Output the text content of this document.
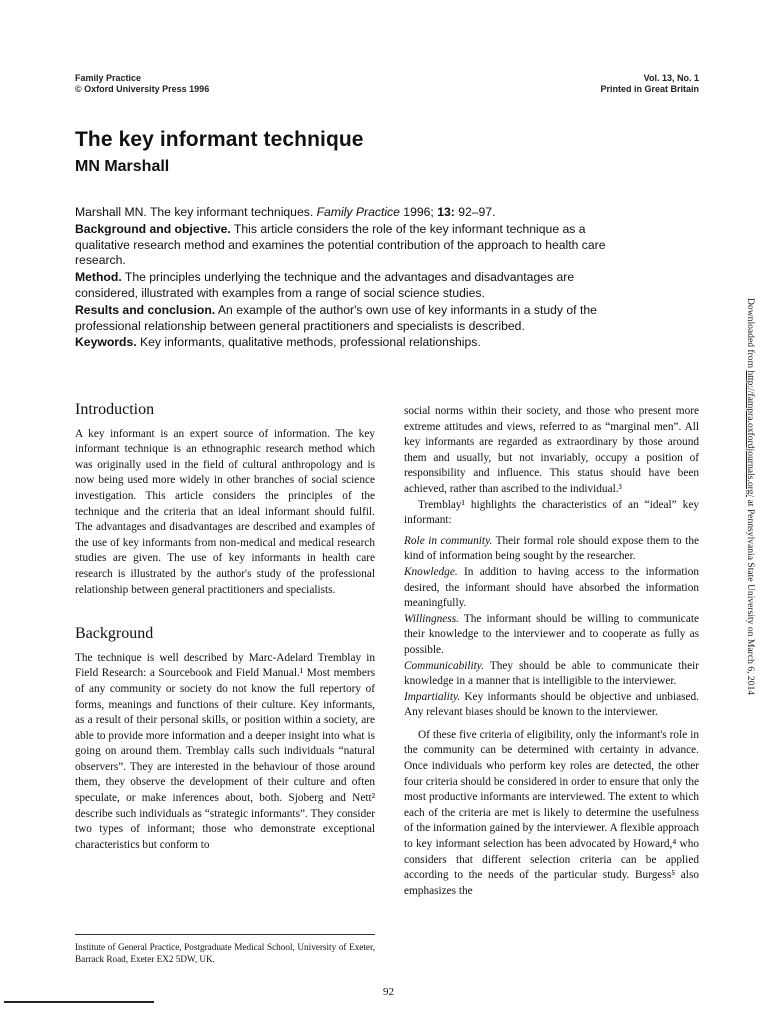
Family Practice
© Oxford University Press 1996
Vol. 13, No. 1
Printed in Great Britain
The key informant technique
MN Marshall

Marshall MN. The key informant techniques. Family Practice 1996; 13: 92–97.

Background and objective. This article considers the role of the key informant technique as a qualitative research method and examines the potential contribution of the approach to health care research.

Method. The principles underlying the technique and the advantages and disadvantages are considered, illustrated with examples from a range of social science studies.

Results and conclusion. An example of the author's own use of key informants in a study of the professional relationship between general practitioners and specialists is described.

Keywords. Key informants, qualitative methods, professional relationships.

Introduction

A key informant is an expert source of information. The key informant technique is an ethnographic research method which was originally used in the field of cultural anthropology and is now being used more widely in other branches of social science investigation. This article considers the principles of the technique and the criteria that an ideal informant should fulfil. The advantages and disadvantages are described and examples of the use of key informants from non-medical and medical research studies are given. The use of key informants in health care research is illustrated by the author's study of the professional relationship between general practitioners and specialists.

Background

The technique is well described by Marc-Adelard Tremblay in Field Research: a Sourcebook and Field Manual.¹ Most members of any community or society do not know the full repertory of forms, meanings and functions of their culture. Key informants, as a result of their personal skills, or position within a society, are able to provide more information and a deeper insight into what is going on around them. Tremblay calls such individuals “natural observers”. They are interested in the behaviour of those around them, they observe the development of their culture and often speculate, or make inferences about, both. Sjoberg and Nett² describe such individuals as “strategic informants”. They consider two types of informant; those who demonstrate exceptional characteristics but conform to

Institute of General Practice, Postgraduate Medical School, University of Exeter, Barrack Road, Exeter EX2 5DW, UK.

social norms within their society, and those who present more extreme attitudes and views, referred to as “marginal men”. All key informants are regarded as extraordinary by those around them and usually, but not invariably, occupy a position of responsibility and influence. This status should have been achieved, rather than ascribed to the individual.³

Tremblay¹ highlights the characteristics of an “ideal” key informant:

Role in community. Their formal role should expose them to the kind of information being sought by the researcher.

Knowledge. In addition to having access to the information desired, the informant should have absorbed the information meaningfully.

Willingness. The informant should be willing to communicate their knowledge to the interviewer and to cooperate as fully as possible.

Communicability. They should be able to communicate their knowledge in a manner that is intelligible to the interviewer.

Impartiality. Key informants should be objective and unbiased. Any relevant biases should be known to the interviewer.

Of these five criteria of eligibility, only the informant's role in the community can be determined with certainty in advance. Once individuals who perform key roles are detected, the other four criteria should be considered in order to ensure that only the most productive informants are interviewed. The extent to which each of the criteria are met is likely to determine the usefulness of the information gained by the interviewer. A flexible approach to key informant selection has been advocated by Howard,⁴ who considers that different selection criteria can be applied according to the needs of the particular study. Burgess⁵ also emphasizes the

92
Downloaded from http://fampra.oxfordjournals.org/ at Pennsylvania State University on March 6, 2014
